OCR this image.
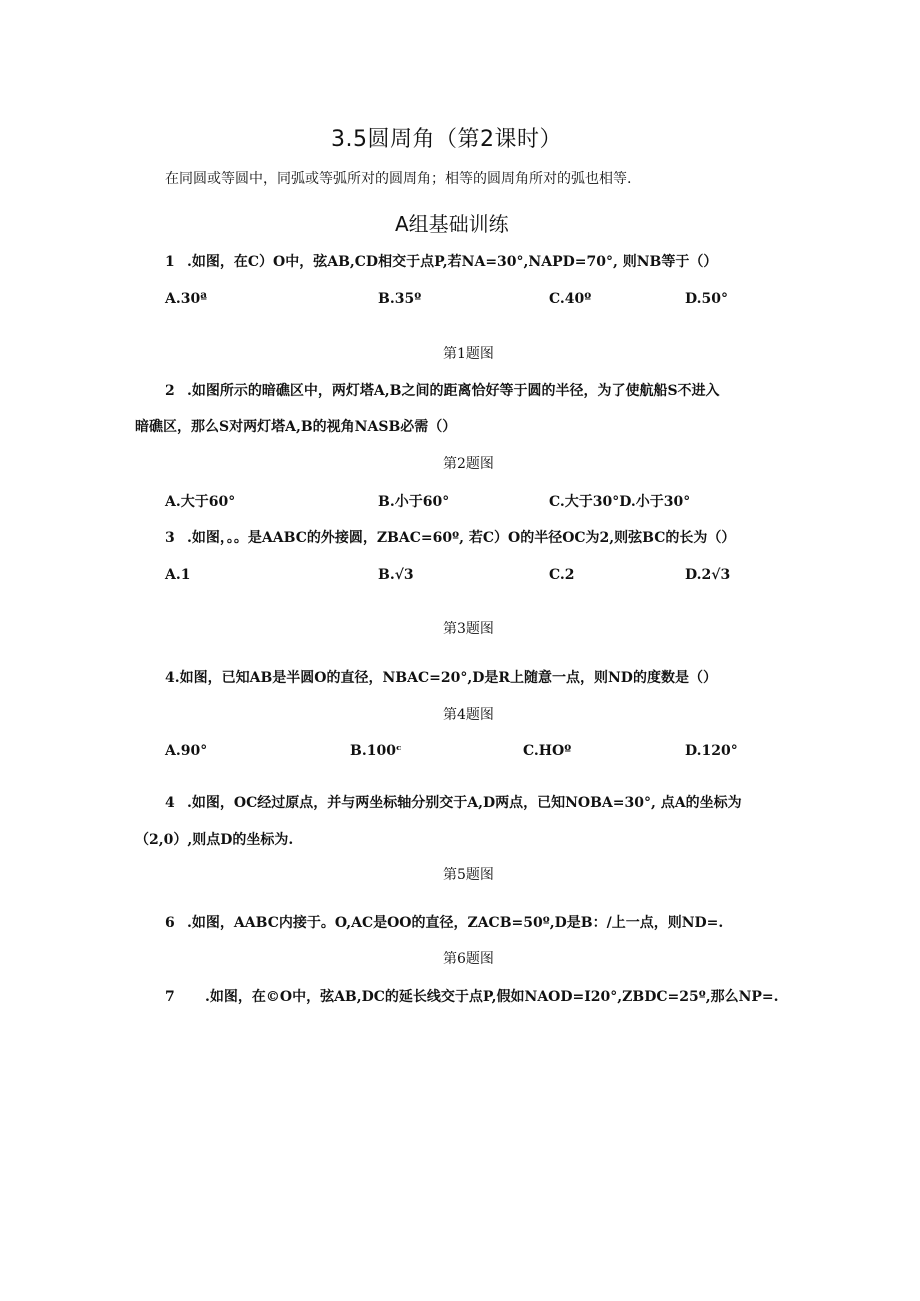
3.5圆周角（第2课时）
在同圆或等圆中，同弧或等弧所对的圆周角；相等的圆周角所对的弧也相等.
A组基础训练
1 .如图，在C）O中，弦AB,CD相交于点P,若NA=30°,NAPD=70°, 则NB等于（）
A.30ª	B.35º	C.40º	D.50°
第1题图
2 .如图所示的暗礁区中，两灯塔A,B之间的距离恰好等于圆的半径，为了使航船S不进入
暗礁区，那么S对两灯塔A,B的视角NASB必需（）
第2题图
A.大于60°	B.小于60°	C.大于30°D.小于30°
3 .如图，。。是AABC的外接圆，ZBAC=60º, 若C）O的半径OC为2,则弦BC的长为（）
A.1	B.√3	C.2	D.2√3
第3题图
4.如图，已知AB是半圆O的直径，NBAC=20°,D是R上随意一点，则ND的度数是（）
第4题图
A.90°	B.100ᶜ	C.HOº	D.120°
4 .如图，OC经过原点，并与两坐标轴分别交于A,D两点，已知NOBA=30°, 点A的坐标为
（2,0）,则点D的坐标为.
第5题图
6 .如图，AABC内接于。O,AC是OO的直径，ZACB=50º,D是B：/上一点，则ND=.
第6题图
7 .如图，在©O中，弦AB,DC的延长线交于点P,假如NAOD=I20°,ZBDC=25º,那么NP=.
